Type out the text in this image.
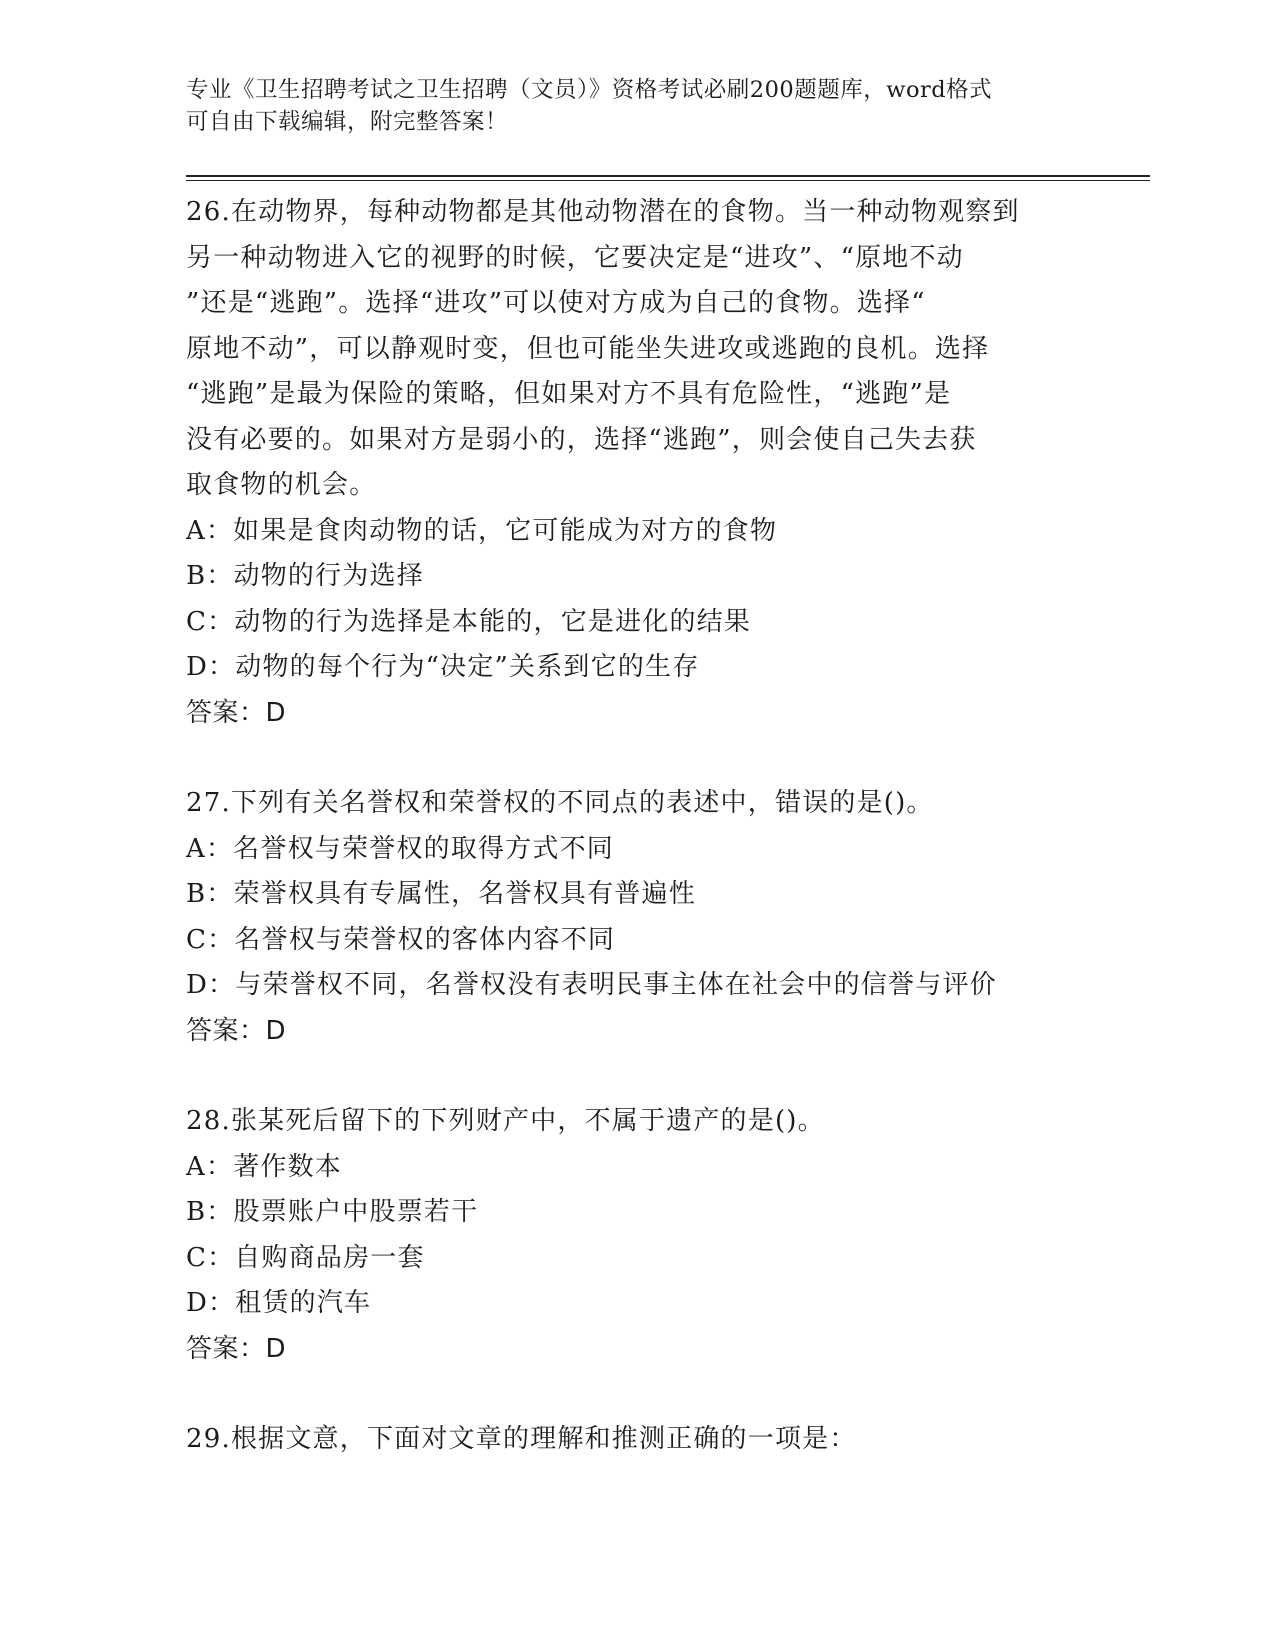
专业《卫生招聘考试之卫生招聘（文员）》资格考试必刷200题题库，word格式
可自由下载编辑，附完整答案！
26.在动物界，每种动物都是其他动物潜在的食物。当一种动物观察到
另一种动物进入它的视野的时候，它要决定是“进攻”、“原地不动
”还是“逃跑”。选择“进攻”可以使对方成为自己的食物。选择“
原地不动”，可以静观时变，但也可能坐失进攻或逃跑的良机。选择
“逃跑”是最为保险的策略，但如果对方不具有危险性，“逃跑”是
没有必要的。如果对方是弱小的，选择“逃跑”，则会使自己失去获
取食物的机会。
A：如果是食肉动物的话，它可能成为对方的食物
B：动物的行为选择
C：动物的行为选择是本能的，它是进化的结果
D：动物的每个行为“决定”关系到它的生存
答案：D
27.下列有关名誉权和荣誉权的不同点的表述中，错误的是()。
A：名誉权与荣誉权的取得方式不同
B：荣誉权具有专属性，名誉权具有普遍性
C：名誉权与荣誉权的客体内容不同
D：与荣誉权不同，名誉权没有表明民事主体在社会中的信誉与评价
答案：D
28.张某死后留下的下列财产中，不属于遗产的是()。
A：著作数本
B：股票账户中股票若干
C：自购商品房一套
D：租赁的汽车
答案：D
29.根据文意，下面对文章的理解和推测正确的一项是：
